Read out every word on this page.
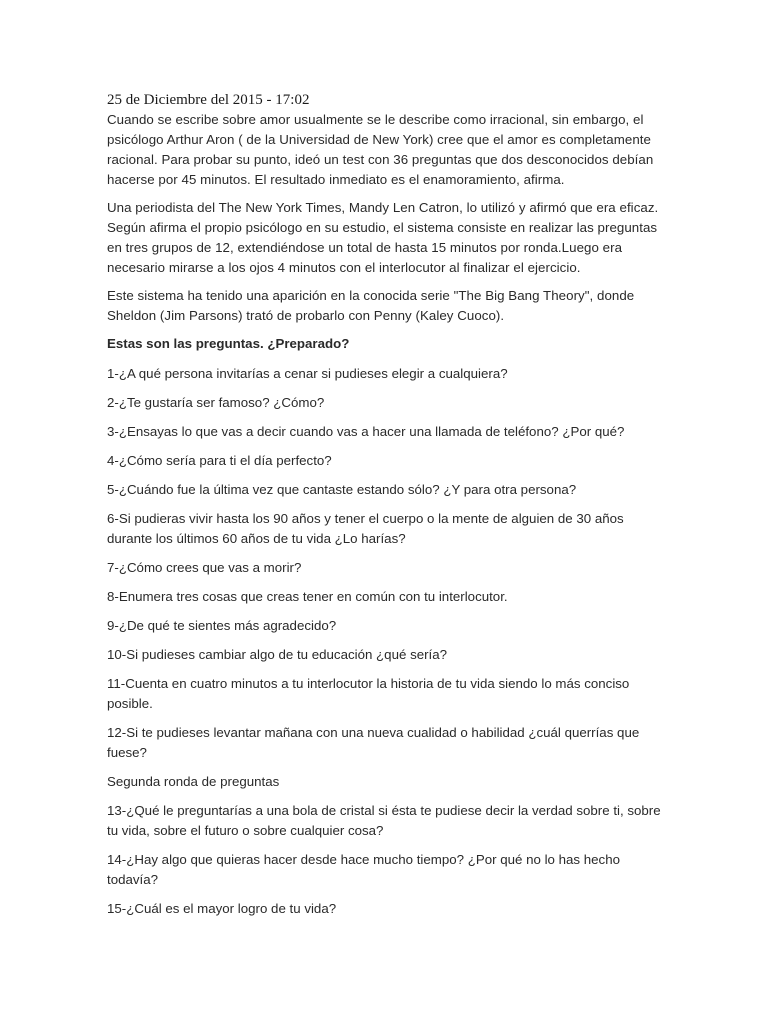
25 de Diciembre del 2015 - 17:02

Cuando se escribe sobre amor usualmente se le describe como irracional, sin embargo, el psicólogo Arthur Aron ( de la Universidad de New York) cree que el amor es completamente racional. Para probar su punto, ideó un test con 36 preguntas que dos desconocidos debían hacerse por 45 minutos. El resultado inmediato es el enamoramiento, afirma.

Una periodista del The New York Times, Mandy Len Catron, lo utilizó y afirmó que era eficaz. Según afirma el propio psicólogo en su estudio, el sistema consiste en realizar las preguntas en tres grupos de 12, extendiéndose un total de hasta 15 minutos por ronda.Luego era necesario mirarse a los ojos 4 minutos con el interlocutor al finalizar el ejercicio.

Este sistema ha tenido una aparición en la conocida serie "The Big Bang Theory", donde Sheldon (Jim Parsons) trató de probarlo con Penny (Kaley Cuoco).

Estas son las preguntas. ¿Preparado?

1-¿A qué persona invitarías a cenar si pudieses elegir a cualquiera?

2-¿Te gustaría ser famoso? ¿Cómo?

3-¿Ensayas lo que vas a decir cuando vas a hacer una llamada de teléfono? ¿Por qué?

4-¿Cómo sería para ti el día perfecto?

5-¿Cuándo fue la última vez que cantaste estando sólo? ¿Y para otra persona?

6-Si pudieras vivir hasta los 90 años y tener el cuerpo o la mente de alguien de 30 años durante los últimos 60 años de tu vida ¿Lo harías?

7-¿Cómo crees que vas a morir?

8-Enumera tres cosas que creas tener en común con tu interlocutor.

9-¿De qué te sientes más agradecido?

10-Si pudieses cambiar algo de tu educación ¿qué sería?

11-Cuenta en cuatro minutos a tu interlocutor la historia de tu vida siendo lo más conciso posible.

12-Si te pudieses levantar mañana con una nueva cualidad o habilidad ¿cuál querrías que fuese?

Segunda ronda de preguntas

13-¿Qué le preguntarías a una bola de cristal si ésta te pudiese decir la verdad sobre ti, sobre tu vida, sobre el futuro o sobre cualquier cosa?

14-¿Hay algo que quieras hacer desde hace mucho tiempo? ¿Por qué no lo has hecho todavía?

15-¿Cuál es el mayor logro de tu vida?
